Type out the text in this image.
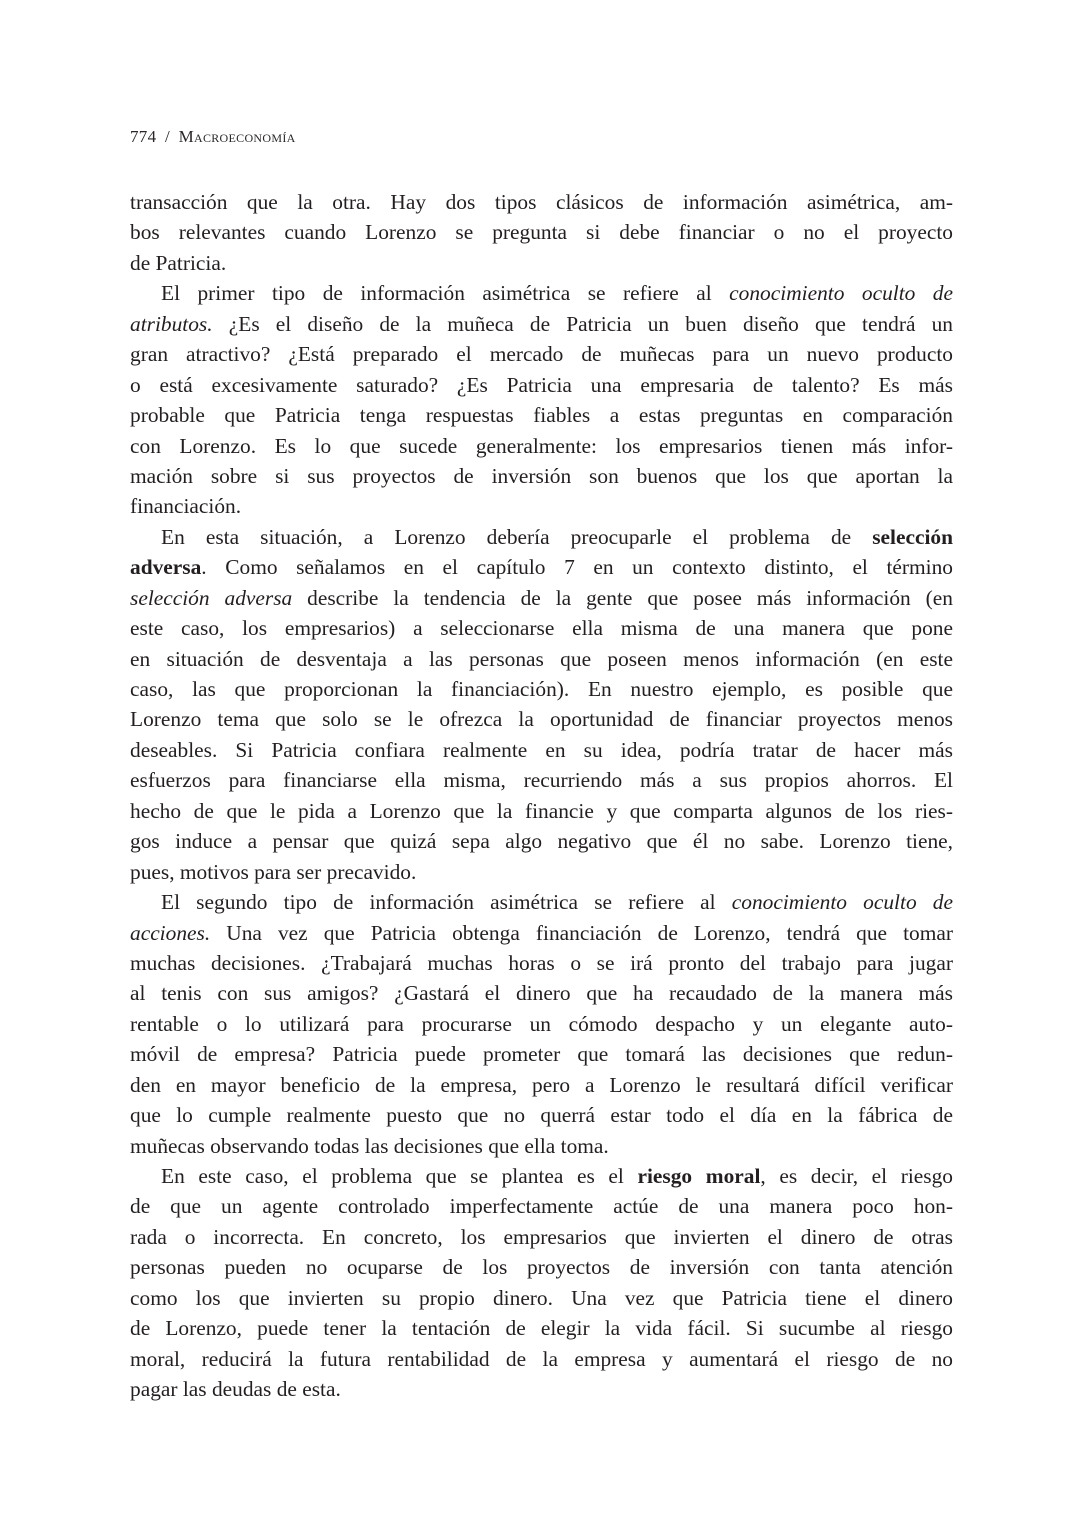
774 / Macroeconomía
transacción que la otra. Hay dos tipos clásicos de información asimétrica, am-
bos relevantes cuando Lorenzo se pregunta si debe financiar o no el proyecto
de Patricia.
El primer tipo de información asimétrica se refiere al conocimiento oculto de
atributos. ¿Es el diseño de la muñeca de Patricia un buen diseño que tendrá un
gran atractivo? ¿Está preparado el mercado de muñecas para un nuevo producto
o está excesivamente saturado? ¿Es Patricia una empresaria de talento? Es más
probable que Patricia tenga respuestas fiables a estas preguntas en comparación
con Lorenzo. Es lo que sucede generalmente: los empresarios tienen más infor-
mación sobre si sus proyectos de inversión son buenos que los que aportan la
financiación.
En esta situación, a Lorenzo debería preocuparle el problema de selección
adversa. Como señalamos en el capítulo 7 en un contexto distinto, el término
selección adversa describe la tendencia de la gente que posee más información (en
este caso, los empresarios) a seleccionarse ella misma de una manera que pone
en situación de desventaja a las personas que poseen menos información (en este
caso, las que proporcionan la financiación). En nuestro ejemplo, es posible que
Lorenzo tema que solo se le ofrezca la oportunidad de financiar proyectos menos
deseables. Si Patricia confiara realmente en su idea, podría tratar de hacer más
esfuerzos para financiarse ella misma, recurriendo más a sus propios ahorros. El
hecho de que le pida a Lorenzo que la financie y que comparta algunos de los ries-
gos induce a pensar que quizá sepa algo negativo que él no sabe. Lorenzo tiene,
pues, motivos para ser precavido.
El segundo tipo de información asimétrica se refiere al conocimiento oculto de
acciones. Una vez que Patricia obtenga financiación de Lorenzo, tendrá que tomar
muchas decisiones. ¿Trabajará muchas horas o se irá pronto del trabajo para jugar
al tenis con sus amigos? ¿Gastará el dinero que ha recaudado de la manera más
rentable o lo utilizará para procurarse un cómodo despacho y un elegante auto-
móvil de empresa? Patricia puede prometer que tomará las decisiones que redun-
den en mayor beneficio de la empresa, pero a Lorenzo le resultará difícil verificar
que lo cumple realmente puesto que no querrá estar todo el día en la fábrica de
muñecas observando todas las decisiones que ella toma.
En este caso, el problema que se plantea es el riesgo moral, es decir, el riesgo
de que un agente controlado imperfectamente actúe de una manera poco hon-
rada o incorrecta. En concreto, los empresarios que invierten el dinero de otras
personas pueden no ocuparse de los proyectos de inversión con tanta atención
como los que invierten su propio dinero. Una vez que Patricia tiene el dinero
de Lorenzo, puede tener la tentación de elegir la vida fácil. Si sucumbe al riesgo
moral, reducirá la futura rentabilidad de la empresa y aumentará el riesgo de no
pagar las deudas de esta.
